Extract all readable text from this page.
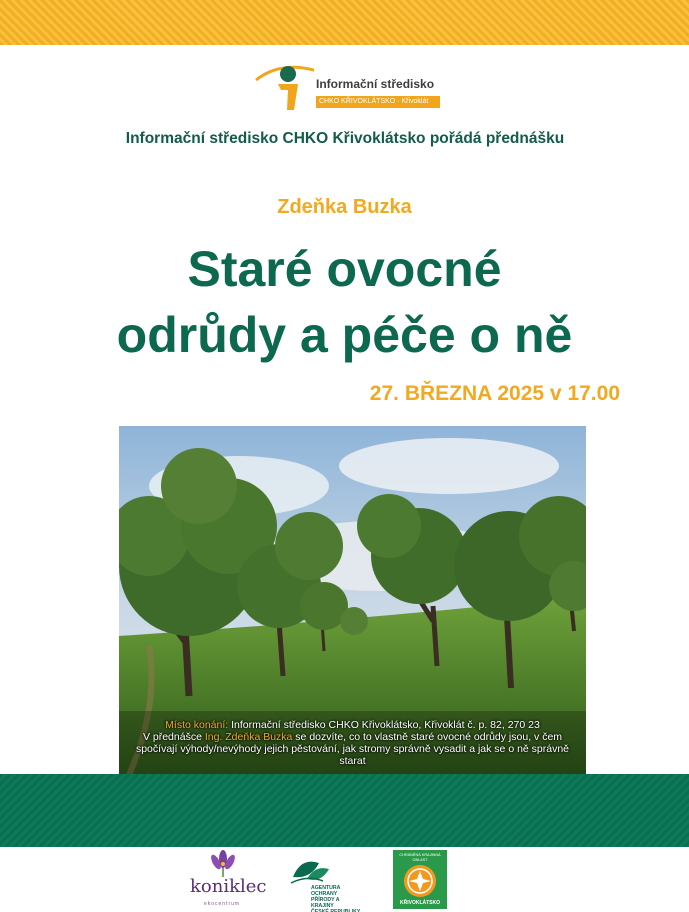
Informační středisko
CHKO KŘIVOKLÁTSKO · Křivoklát
Informační středisko CHKO Křivoklátsko pořádá přednášku
Zdeňka Buzka
Staré ovocné
odrůdy a péče o ně
27. BŘEZNA 2025 v 17.00
Místo konání: Informační středisko CHKO Křivoklátsko, Křivoklát č. p. 82, 270 23
V přednášce Ing. Zdeňka Buzka se dozvíte, co to vlastně staré ovocné odrůdy jsou, v čem
spočívají výhody/nevýhody jejich pěstování, jak stromy správně vysadit a jak se o ně správně
starat
koniklec
ekocentrum
AGENTURA OCHRANY
PŘÍRODY A KRAJINY
ČESKÉ REPUBLIKY
CHRÁNĚNÁ KRAJINNÁ OBLAST
KŘIVOKLÁTSKO
